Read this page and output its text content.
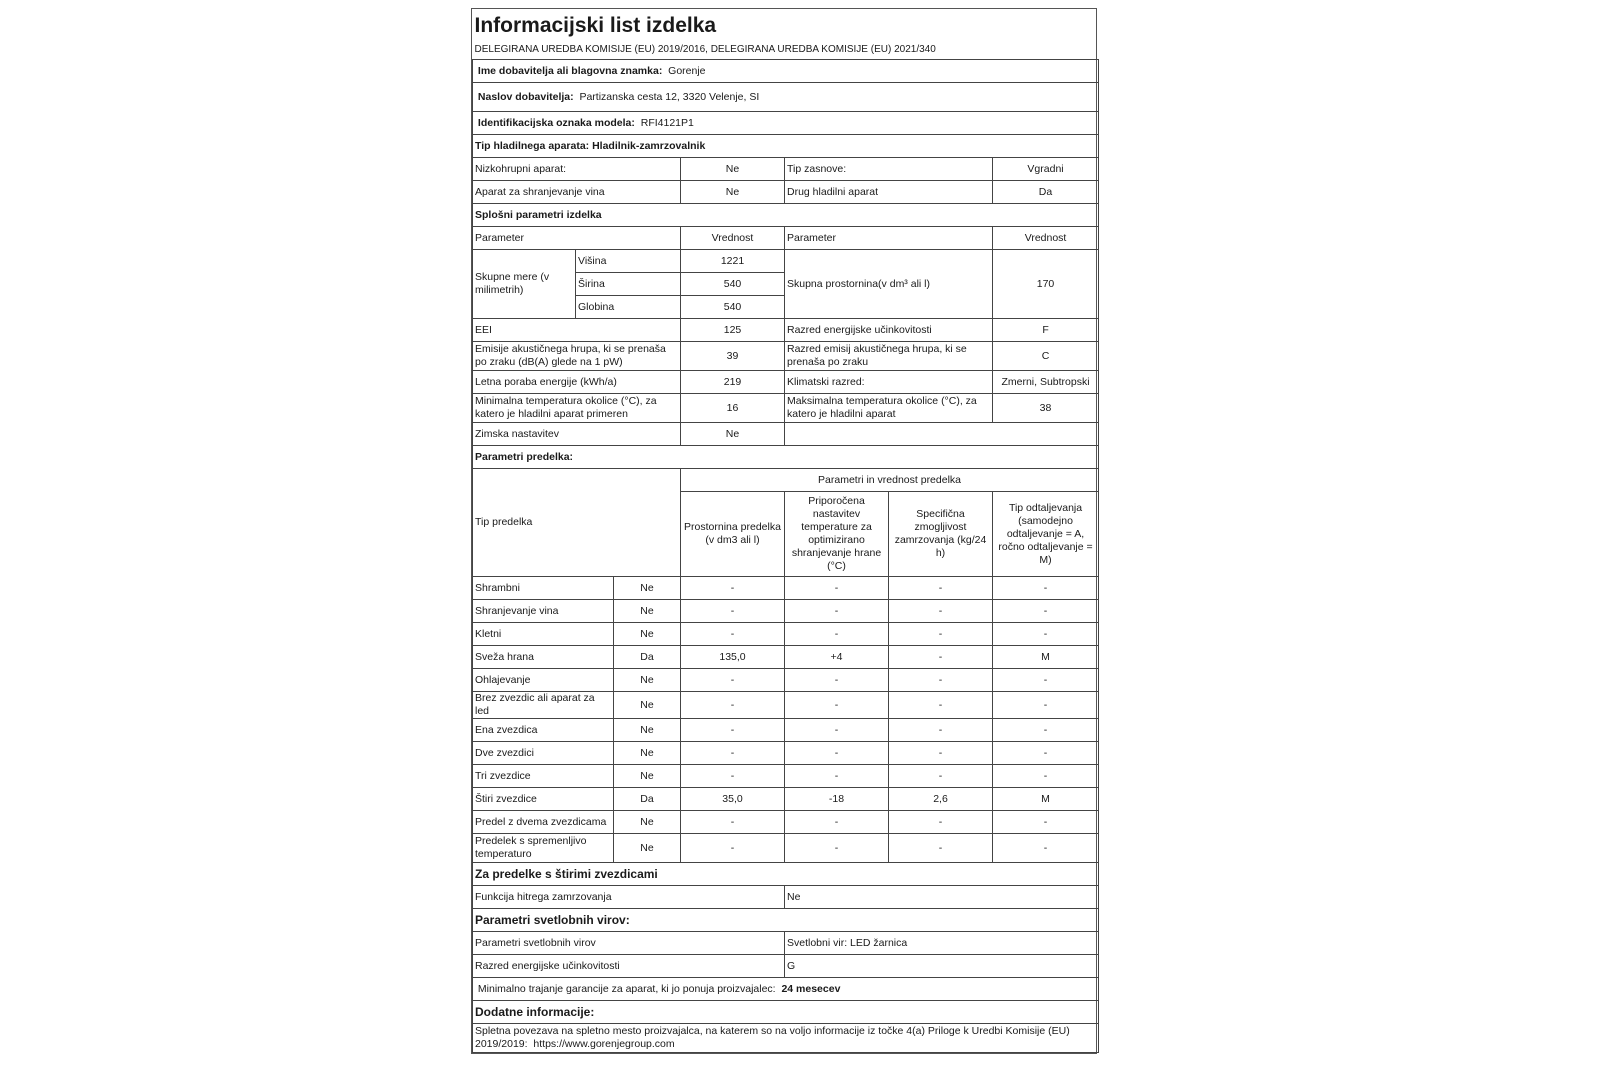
Informacijski list izdelka						
DELEGIRANA UREDBA KOMISIJE (EU) 2019/2016, DELEGIRANA UREDBA KOMISIJE (EU) 2021/340						
Ime dobavitelja ali blagovna znamka: Gorenje						
Naslov dobavitelja: Partizanska cesta 12, 3320 Velenje, SI						
Identifikacijska oznaka modela: RFI4121P1						
Tip hladilnega aparata: Hladilnik-zamrzovalnik						
Nizkohrupni aparat:			Ne	Tip zasnove:		Vgradni
Aparat za shranjevanje vina			Ne	Drug hladilni aparat		Da
Splošni parametri izdelka						
Parameter			Vrednost	Parameter		Vrednost
Skupne mere (v milimetrih)	Višina		1221	Skupna prostornina(v dm³ ali l)		170
	Širina		540			
	Globina		540			
EEI			125	Razred energijske učinkovitosti		F
Emisije akustičnega hrupa, ki se prenaša po zraku (dB(A) glede na 1 pW)			39	Razred emisij akustičnega hrupa, ki se prenaša po zraku		C
Letna poraba energije (kWh/a)			219	Klimatski razred:		Zmerni, Subtropski
Minimalna temperatura okolice (°C), za katero je hladilni aparat primeren			16	Maksimalna temperatura okolice (°C), za katero je hladilni aparat		38
Zimska nastavitev			Ne			
Parametri predelka:						
Tip predelka			Parametri in vrednost predelka			
			Prostornina predelka (v dm3 ali l)	Priporočena nastavitev temperature za optimizirano shranjevanje hrane (°C)	Specifična zmogljivost zamrzovanja (kg/24 h)	Tip odtaljevanja (samodejno odtaljevanje = A, ročno odtaljevanje = M)
Shrambni		Ne	-	-	-	-
Shranjevanje vina		Ne	-	-	-	-
Kletni		Ne	-	-	-	-
Sveža hrana		Da	135,0	+4	-	M
Ohlajevanje		Ne	-	-	-	-
Brez zvezdic ali aparat za led		Ne	-	-	-	-
Ena zvezdica		Ne	-	-	-	-
Dve zvezdici		Ne	-	-	-	-
Tri zvezdice		Ne	-	-	-	-
Štiri zvezdice		Da	35,0	-18	2,6	M
Predel z dvema zvezdicama		Ne	-	-	-	-
Predelek s spremenljivo temperaturo		Ne	-	-	-	-
Za predelke s štirimi zvezdicami						
Funkcija hitrega zamrzovanja				Ne		
Parametri svetlobnih virov:						
Parametri svetlobnih virov				Svetlobni vir: LED žarnica		
Razred energijske učinkovitosti				G		
Minimalno trajanje garancije za aparat, ki jo ponuja proizvajalec: 24 mesecev						
Dodatne informacije:						
Spletna povezava na spletno mesto proizvajalca, na katerem so na voljo informacije iz točke 4(a) Priloge k Uredbi Komisije (EU) 2019/2019: https://www.gorenjegroup.com						
